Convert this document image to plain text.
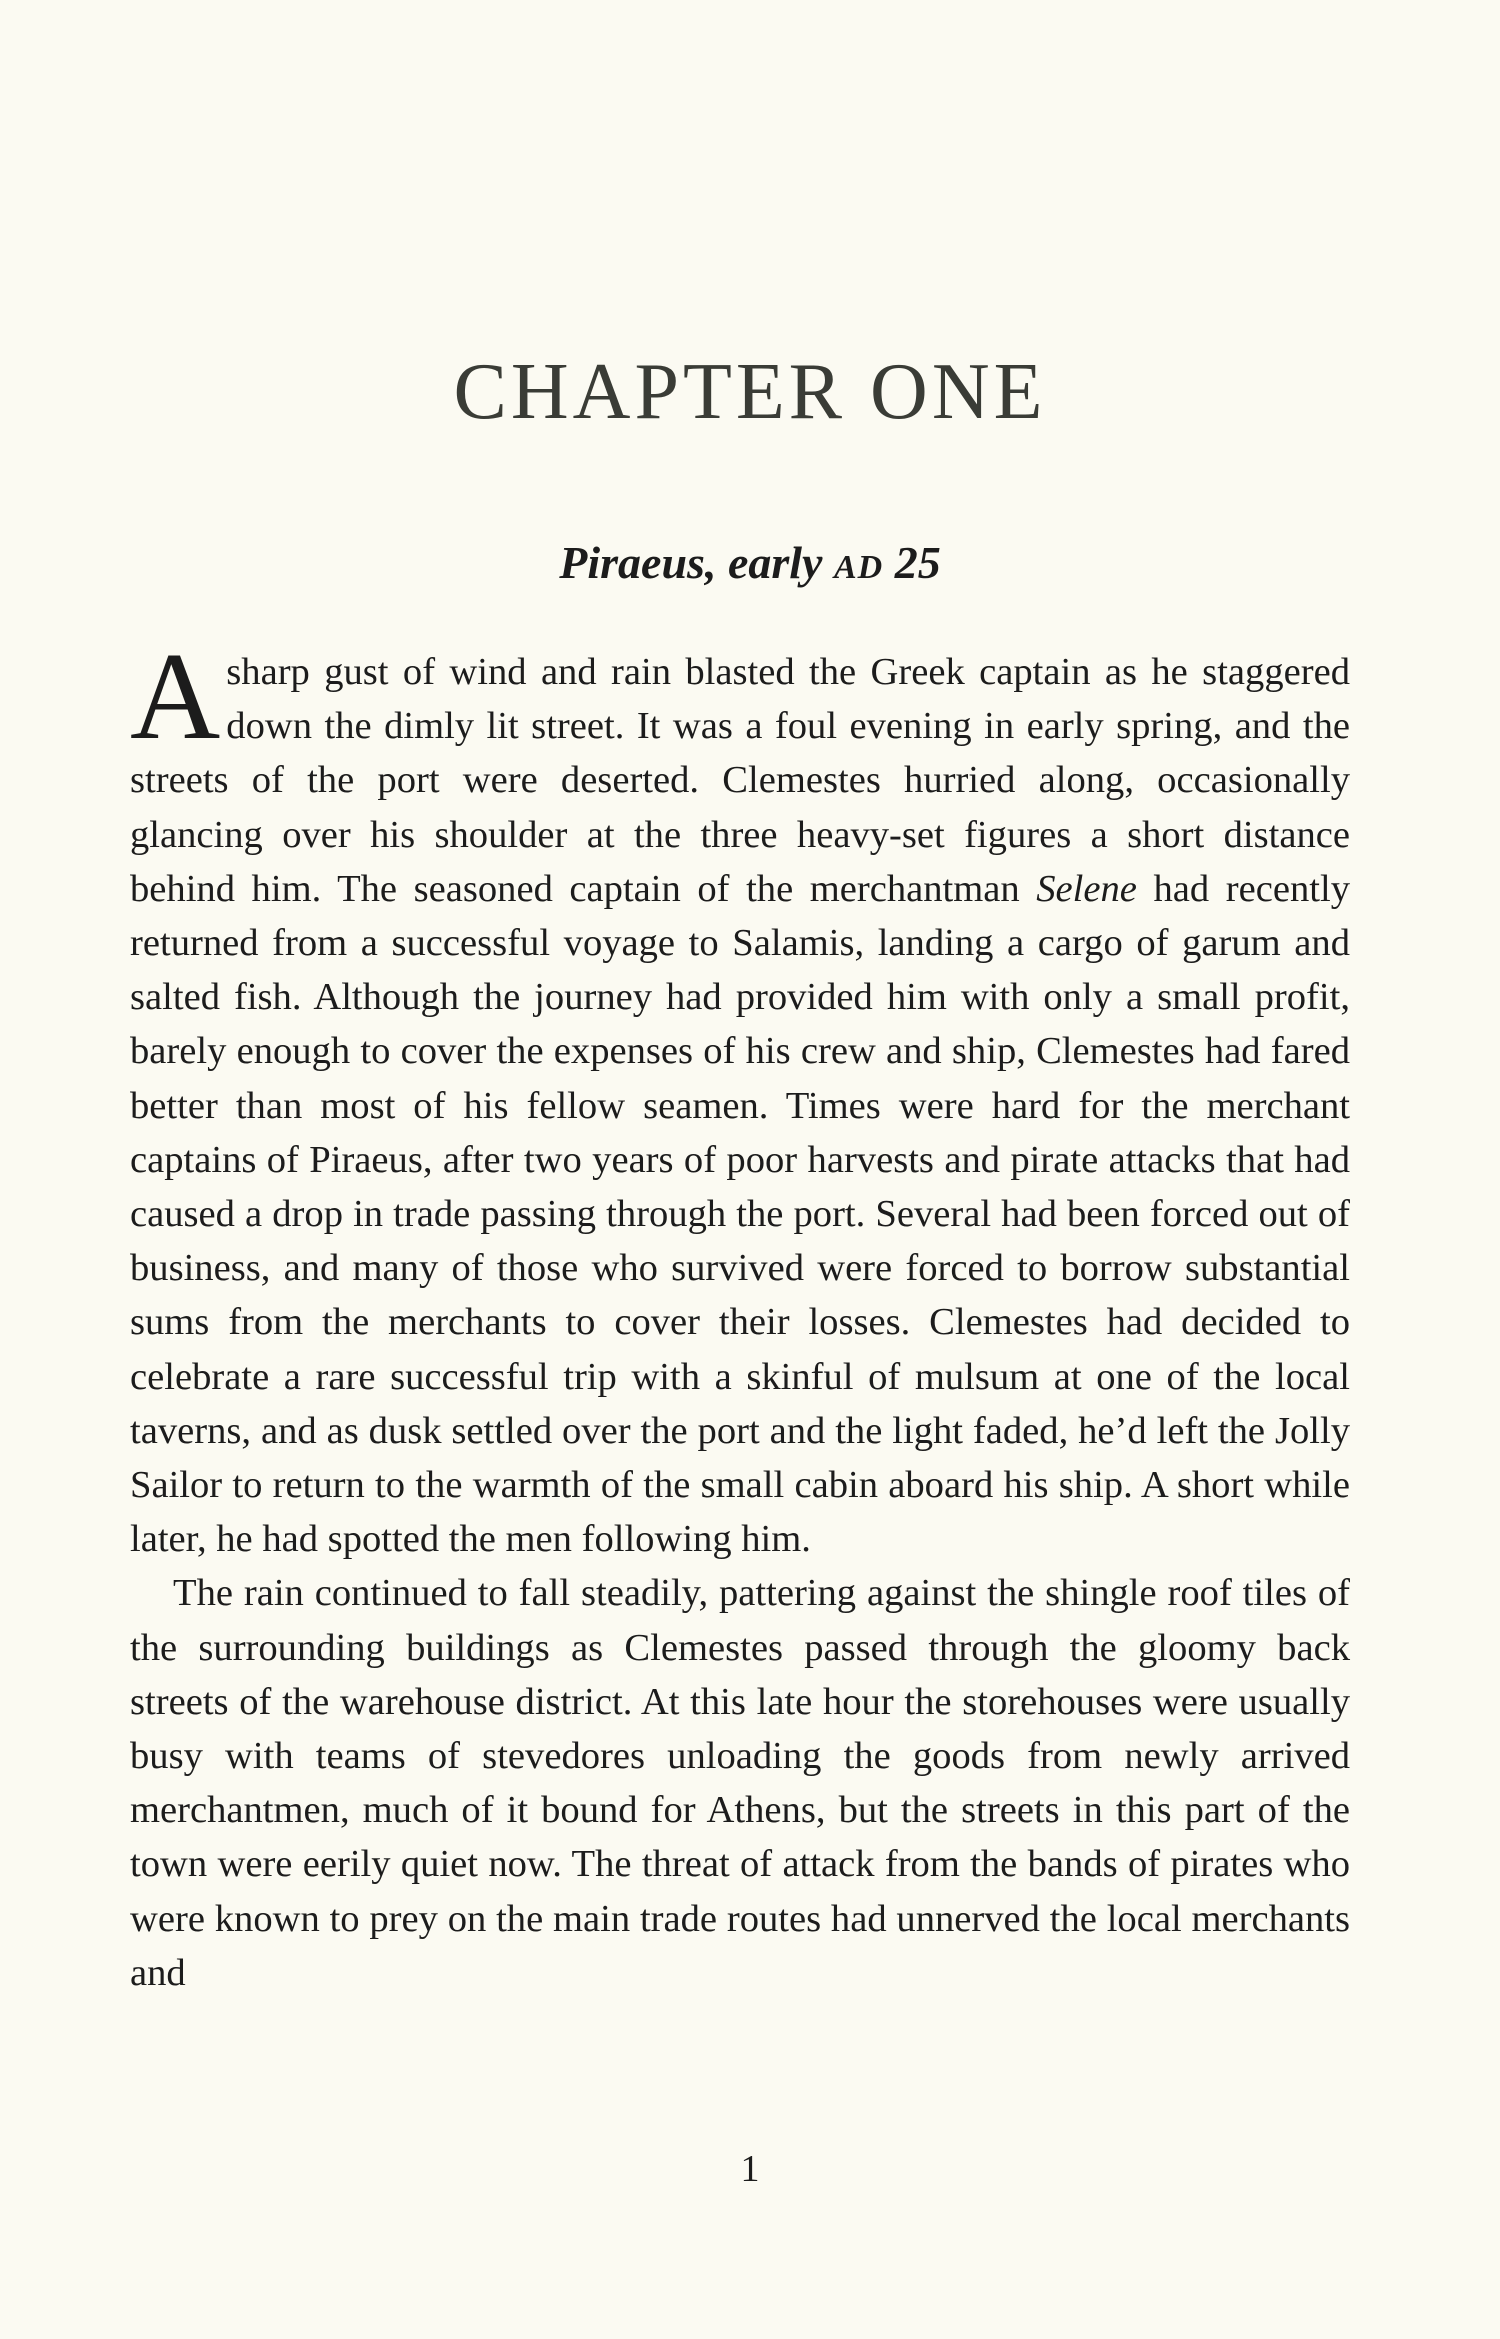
CHAPTER ONE
Piraeus, early AD 25

Asharp gust of wind and rain blasted the Greek captain as he staggered down the dimly lit street. It was a foul evening in early spring, and the streets of the port were deserted. Clemestes hurried along, occasionally glancing over his shoulder at the three heavy-set figures a short distance behind him. The seasoned captain of the merchantman Selene had recently returned from a successful voyage to Salamis, landing a cargo of garum and salted fish. Although the journey had provided him with only a small profit, barely enough to cover the expenses of his crew and ship, Clemestes had fared better than most of his fellow seamen. Times were hard for the merchant captains of Piraeus, after two years of poor harvests and pirate attacks that had caused a drop in trade passing through the port. Several had been forced out of business, and many of those who survived were forced to borrow substantial sums from the merchants to cover their losses. Clemestes had decided to celebrate a rare successful trip with a skinful of mulsum at one of the local taverns, and as dusk settled over the port and the light faded, he’d left the Jolly Sailor to return to the warmth of the small cabin aboard his ship. A short while later, he had spotted the men following him.

The rain continued to fall steadily, pattering against the shingle roof tiles of the surrounding buildings as Clemestes passed through the gloomy back streets of the warehouse district. At this late hour the storehouses were usually busy with teams of stevedores unloading the goods from newly arrived merchantmen, much of it bound for Athens, but the streets in this part of the town were eerily quiet now. The threat of attack from the bands of pirates who were known to prey on the main trade routes had unnerved the local merchants and

1
